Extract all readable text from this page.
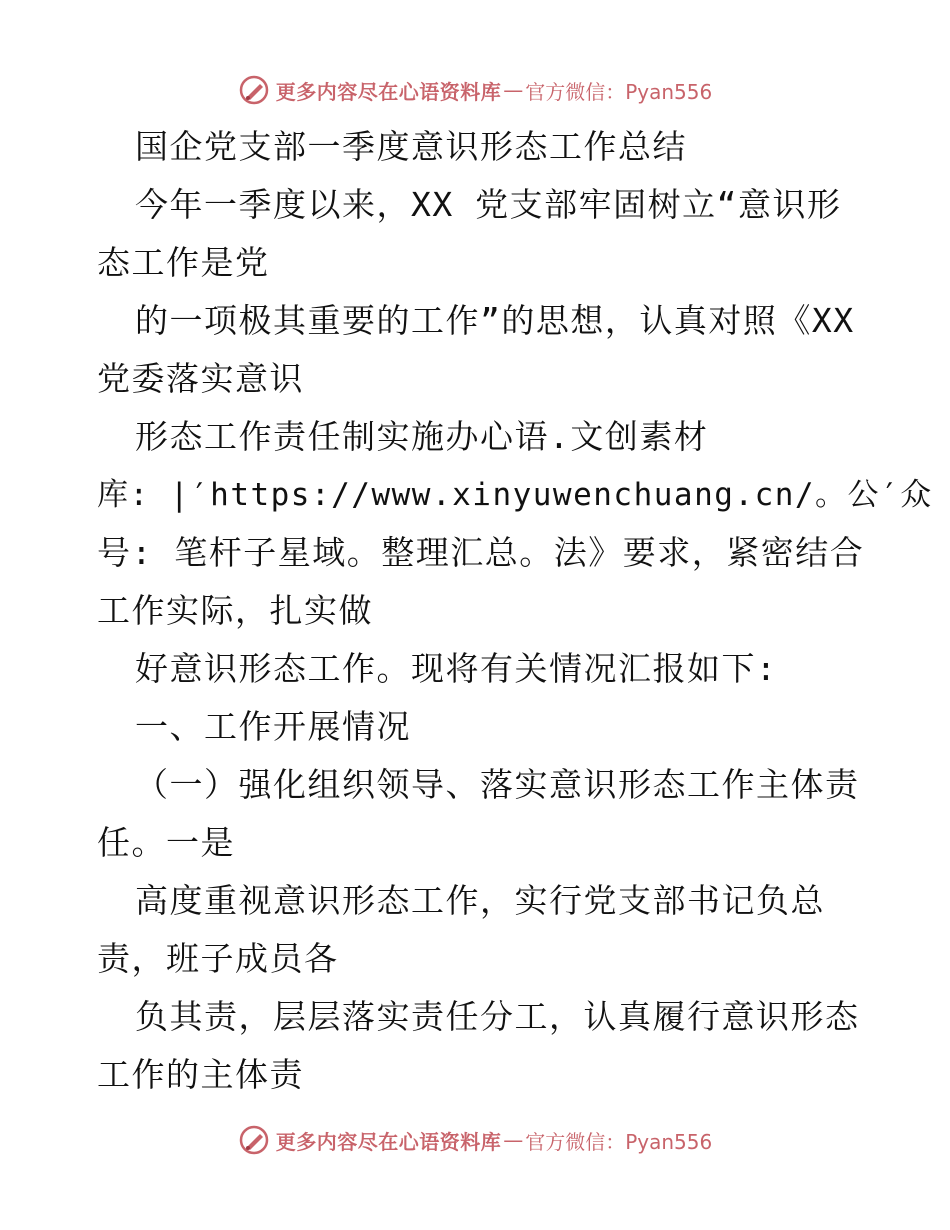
更多内容尽在心语资料库 — 官方微信：Pyan556
国企党支部一季度意识形态工作总结
今年一季度以来，XX 党支部牢固树立“意识形
态工作是党
的一项极其重要的工作”的思想，认真对照《XX
党委落实意识
形态工作责任制实施办心语.文创素材
库: |′https://www.xinyuwenchuang.cn/。公′众
号: 笔杆子星域。整理汇总。法》要求，紧密结合
工作实际，扎实做
好意识形态工作。现将有关情况汇报如下:
一、工作开展情况
（一）强化组织领导、落实意识形态工作主体责
任。一是
高度重视意识形态工作，实行党支部书记负总
责，班子成员各
负其责，层层落实责任分工，认真履行意识形态
工作的主体责
更多内容尽在心语资料库 — 官方微信：Pyan556
